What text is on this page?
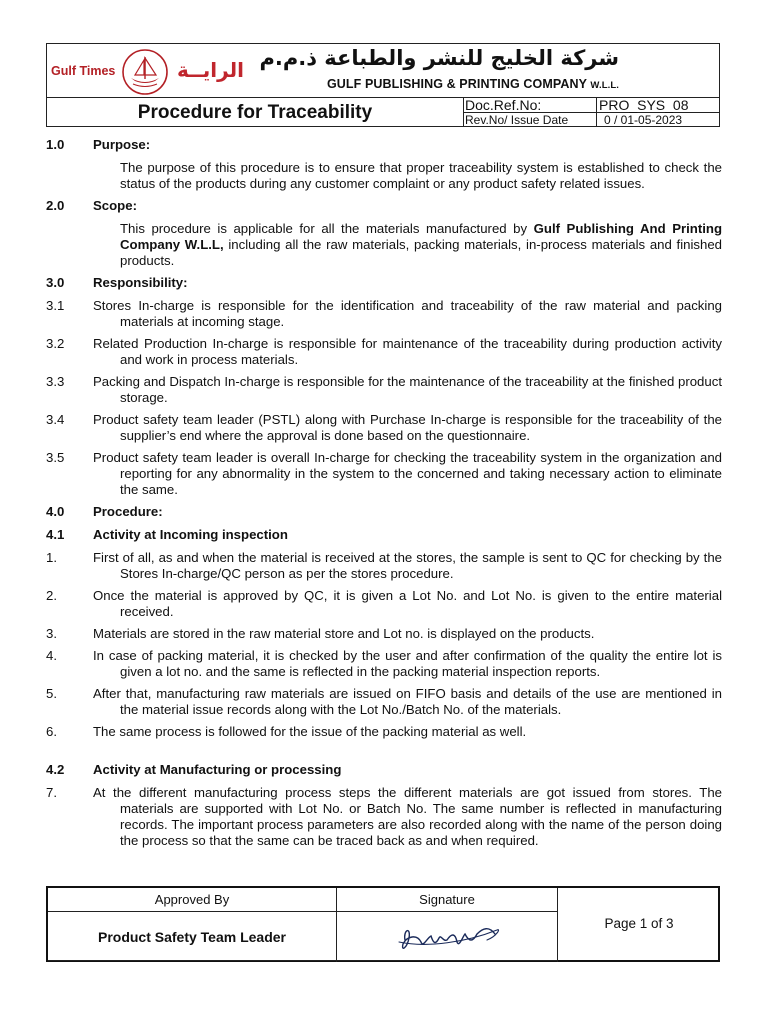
Gulf Times	الرايــة شركة الخليج للنشر والطباعة ذ.م.م
GULF PUBLISHING & PRINTING COMPANY W.L.L.
Procedure for Traceability	Doc.Ref.No:	PRO_SYS_08
Rev.No/ Issue Date	0 / 01-05-2023
1.0 Purpose:
The purpose of this procedure is to ensure that proper traceability system is established to check the status of the products during any customer complaint or any product safety related issues.
2.0 Scope:
This procedure is applicable for all the materials manufactured by Gulf Publishing And Printing Company W.L.L, including all the raw materials, packing materials, in-process materials and finished products.
3.0 Responsibility:
3.1 Stores In-charge is responsible for the identification and traceability of the raw material and packing materials at incoming stage.
3.2 Related Production In-charge is responsible for maintenance of the traceability during production activity and work in process materials.
3.3 Packing and Dispatch In-charge is responsible for the maintenance of the traceability at the finished product storage.
3.4 Product safety team leader (PSTL) along with Purchase In-charge is responsible for the traceability of the supplier’s end where the approval is done based on the questionnaire.
3.5 Product safety team leader is overall In-charge for checking the traceability system in the organization and reporting for any abnormality in the system to the concerned and taking necessary action to eliminate the same.
4.0 Procedure:
4.1 Activity at Incoming inspection
1.	First of all, as and when the material is received at the stores, the sample is sent to QC for checking by the Stores In-charge/QC person as per the stores procedure.
2.	Once the material is approved by QC, it is given a Lot No. and Lot No. is given to the entire material received.
3.	Materials are stored in the raw material store and Lot no. is displayed on the products.
4.	In case of packing material, it is checked by the user and after confirmation of the quality the entire lot is given a lot no. and the same is reflected in the packing material inspection reports.
5.	After that, manufacturing raw materials are issued on FIFO basis and details of the use are mentioned in the material issue records along with the Lot No./Batch No. of the materials.
6.	The same process is followed for the issue of the packing material as well.
4.2 Activity at Manufacturing or processing
7.	At the different manufacturing process steps the different materials are got issued from stores. The materials are supported with Lot No. or Batch No. The same number is reflected in manufacturing records. The important process parameters are also recorded along with the name of the person doing the process so that the same can be traced back as and when required.
Approved By	Signature
Product Safety Team Leader
Page 1 of 3
